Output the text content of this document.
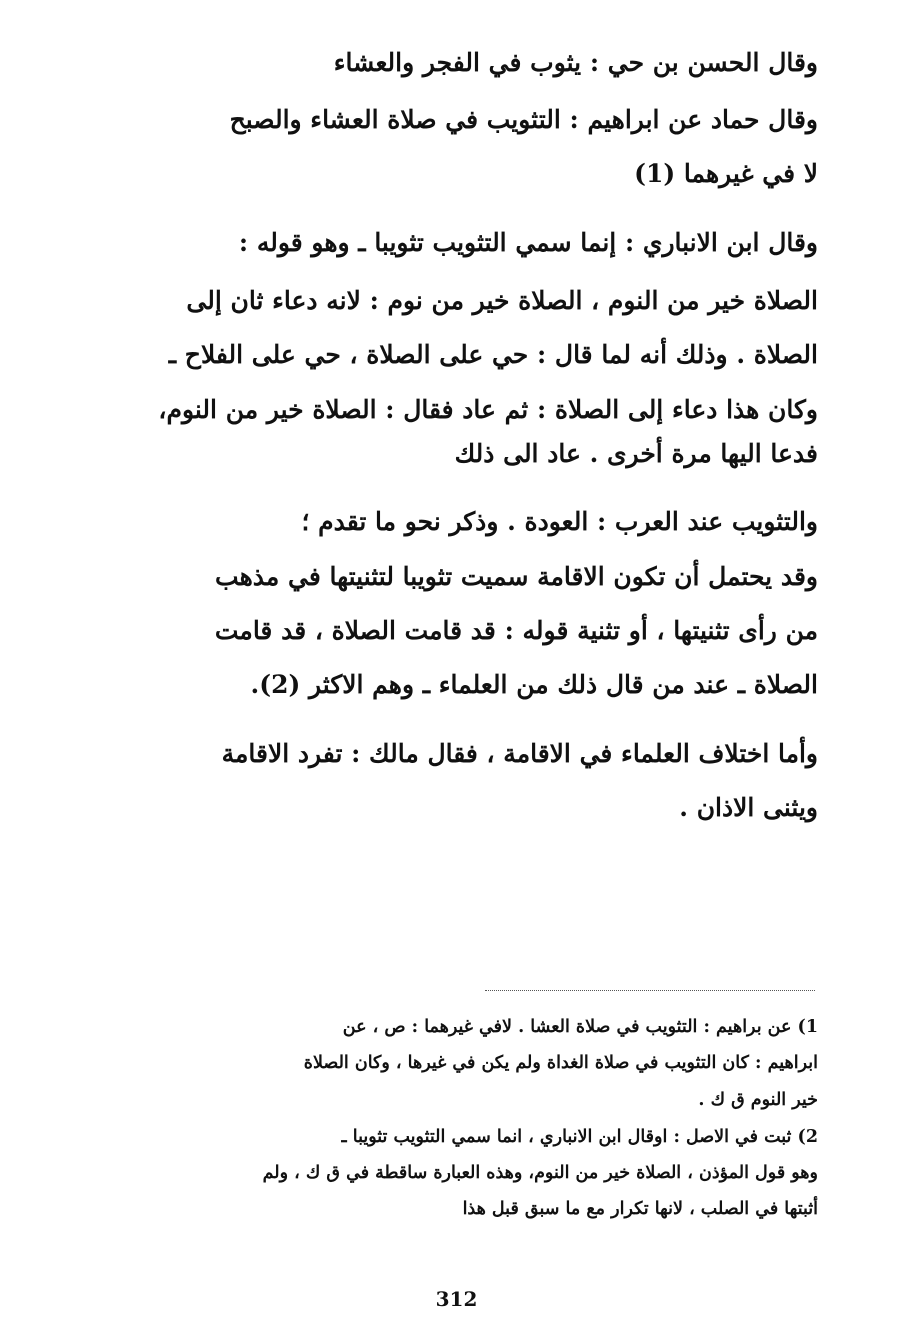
وقال الحسن بن حي : يثوب في الفجر والعشاء
وقال حماد عن ابراهيم : التثويب في صلاة العشاء والصبح
لا في غيرهما (1)
وقال ابن الانباري : إنما سمي التثويب تثويبا ـ وهو قوله :
الصلاة خير من النوم ، الصلاة خير من نوم : لانه دعاء ثان إلى
الصلاة . وذلك أنه لما قال : حي على الصلاة ، حي على الفلاح ـ
وكان هذا دعاء إلى الصلاة : ثم عاد فقال : الصلاة خير من النوم،
فدعا اليها مرة أخرى . عاد الى ذلك
والتثويب عند العرب : العودة . وذكر نحو ما تقدم ؛
وقد يحتمل أن تكون الاقامة سميت تثويبا لتثنيتها في مذهب
من رأى تثنيتها ، أو تثنية قوله : قد قامت الصلاة ، قد قامت
الصلاة ـ عند من قال ذلك من العلماء ـ وهم الاكثر (2).
وأما اختلاف العلماء في الاقامة ، فقال مالك : تفرد الاقامة
ويثنى الاذان .
1) عن براهيم : التثويب في صلاة العشا . لافي غيرهما : ص ، عن
ابراهيم : كان التثويب في صلاة الغداة ولم يكن في غيرها ، وكان الصلاة
خير النوم ق ك .
2) ثبت في الاصل : اوقال ابن الانباري ، انما سمي التثويب تثويبا ـ
وهو قول المؤذن ، الصلاة خير من النوم، وهذه العبارة ساقطة في ق ك ، ولم
أثبتها في الصلب ، لانها تكرار مع ما سبق قبل هذا
312
